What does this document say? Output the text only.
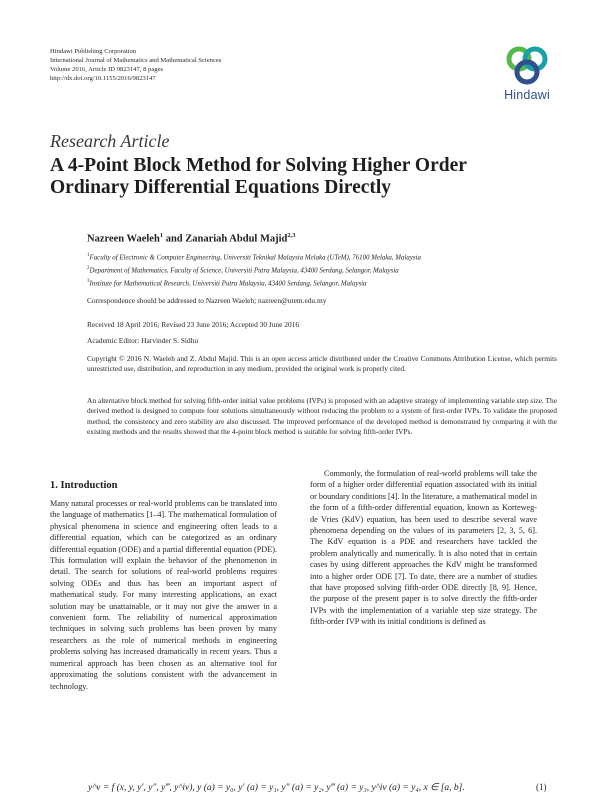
Hindawi Publishing Corporation
International Journal of Mathematics and Mathematical Sciences
Volume 2016, Article ID 9823147, 8 pages
http://dx.doi.org/10.1155/2016/9823147
Hindawi
Research Article
A 4-Point Block Method for Solving Higher Order
Ordinary Differential Equations Directly
Nazreen Waeleh$^1$ and Zanariah Abdul Majid$^{2,3}$
$^1$Faculty of Electronic & Computer Engineering, Universiti Teknikal Malaysia Melaka (UTeM), 76100 Melaka, Malaysia
$^2$Department of Mathematics, Faculty of Science, Universiti Putra Malaysia, 43400 Serdang, Selangor, Malaysia
$^3$Institute for Mathematical Research, Universiti Putra Malaysia, 43400 Serdang, Selangor, Malaysia
Correspondence should be addressed to Nazreen Waeleh; nazreen@utem.edu.my
Received 18 April 2016; Revised 23 June 2016; Accepted 30 June 2016
Academic Editor: Harvinder S. Sidhu
Copyright © 2016 N. Waeleh and Z. Abdul Majid. This is an open access article distributed under the Creative Commons Attribution License, which permits unrestricted use, distribution, and reproduction in any medium, provided the original work is properly cited.
An alternative block method for solving fifth-order initial value problems (IVPs) is proposed with an adaptive strategy of implementing variable step size. The derived method is designed to compute four solutions simultaneously without reducing the problem to a system of first-order IVPs. To validate the proposed method, the consistency and zero stability are also discussed. The improved performance of the developed method is demonstrated by comparing it with the existing methods and the results showed that the 4-point block method is suitable for solving fifth-order IVPs.
1. Introduction
Many natural processes or real-world problems can be translated into the language of mathematics [1–4]. The mathematical formulation of physical phenomena in science and engineering often leads to a differential equation, which can be categorized as an ordinary differential equation (ODE) and a partial differential equation (PDE). This formulation will explain the behavior of the phenomenon in detail. The search for solutions of real-world problems requires solving ODEs and thus has been an important aspect of mathematical study. For many interesting applications, an exact solution may be unattainable, or it may not give the answer in a convenient form. The reliability of numerical approximation techniques in solving such problems has been proven by many researchers as the role of numerical methods in engineering problems solving has increased dramatically in recent years. Thus a numerical approach has been chosen as an alternative tool for approximating the solutions consistent with the advancement in technology.
Commonly, the formulation of real-world problems will take the form of a higher order differential equation associated with its initial or boundary conditions [4]. In the literature, a mathematical model in the form of a fifth-order differential equation, known as Korteweg-de Vries (KdV) equation, has been used to describe several wave phenomena depending on the values of its parameters [2, 3, 5, 6]. The KdV equation is a PDE and researchers have tackled the problem analytically and numerically. It is also noted that in certain cases by using different approaches the KdV might be transformed into a higher order ODE [7]. To date, there are a number of studies that have proposed solving fifth-order ODE directly [8, 9]. Hence, the purpose of the present paper is to solve directly the fifth-order IVPs with the implementation of a variable step size strategy. The fifth-order IVP with its initial conditions is defined as
y^v = f (x, y, y′, y″, y‴, y^iv), y (a) = y₀, y′ (a) = y₁, y″ (a) = y₂, y‴ (a) = y₃, y^iv (a) = y₄, x ∈ [a, b].	(1)
